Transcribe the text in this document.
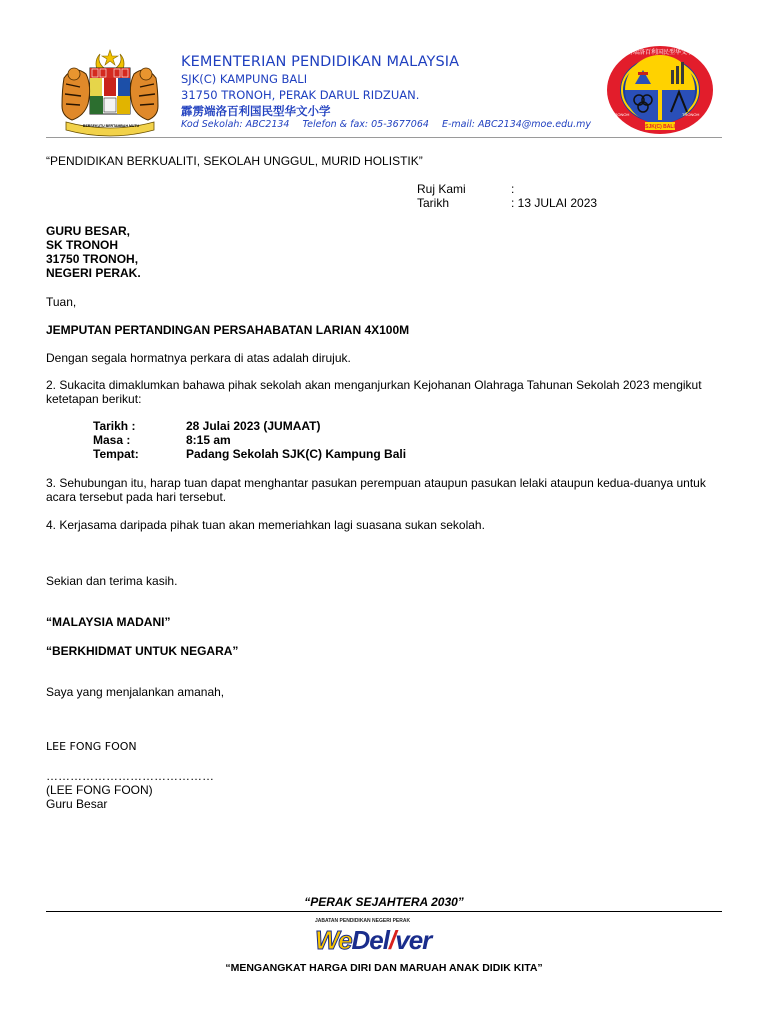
BERSEKUTU BERTAMBAH MUTU
KEMENTERIAN PENDIDIKAN MALAYSIA
SJK(C) KAMPUNG BALI
31750 TRONOH, PERAK DARUL RIDZUAN.
霹雳端洛百利国民型华文小学
Kod Sekolah: ABC2134 Telefon & fax: 05-3677064 E-mail: ABC2134@moe.edu.my
霹雳端洛百利国民型华文小学
SJK(C) BALI
TRONOH	TRONOH
“PENDIDIKAN BERKUALITI, SEKOLAH UNGGUL, MURID HOLISTIK”
Ruj Kami	:
Tarikh	: 13 JULAI 2023
GURU BESAR,
SK TRONOH
31750 TRONOH,
NEGERI PERAK.
Tuan,
JEMPUTAN PERTANDINGAN PERSAHABATAN LARIAN 4X100M
Dengan segala hormatnya perkara di atas adalah dirujuk.
2. Sukacita dimaklumkan bahawa pihak sekolah akan menganjurkan Kejohanan Olahraga Tahunan Sekolah 2023 mengikut ketetapan berikut:
Tarikh :	28 Julai 2023 (JUMAAT)
Masa :	8:15 am
Tempat:	Padang Sekolah SJK(C) Kampung Bali
3. Sehubungan itu, harap tuan dapat menghantar pasukan perempuan ataupun pasukan lelaki ataupun kedua-duanya untuk acara tersebut pada hari tersebut.
4. Kerjasama daripada pihak tuan akan memeriahkan lagi suasana sukan sekolah.
Sekian dan terima kasih.
“MALAYSIA MADANI”
“BERKHIDMAT UNTUK NEGARA”
Saya yang menjalankan amanah,
LEE FONG FOON
……………………………………
(LEE FONG FOON)
Guru Besar
“PERAK SEJAHTERA 2030”
JABATAN PENDIDIKAN NEGERI PERAK
WeDel/ver
“MENGANGKAT HARGA DIRI DAN MARUAH ANAK DIDIK KITA”
